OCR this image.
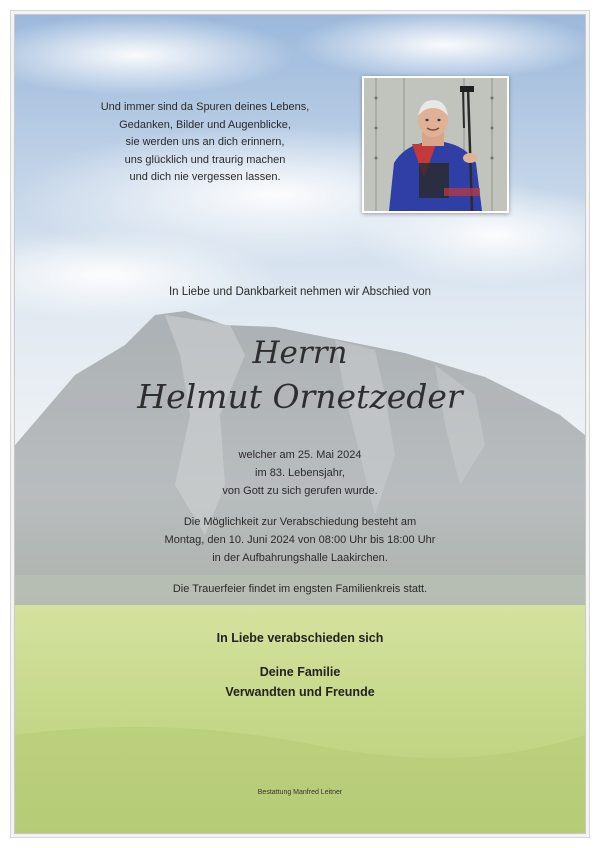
Und immer sind da Spuren deines Lebens,
Gedanken, Bilder und Augenblicke,
sie werden uns an dich erinnern,
uns glücklich und traurig machen
und dich nie vergessen lassen.

In Liebe und Dankbarkeit nehmen wir Abschied von

Herrn
Helmut Ornetzeder

welcher am 25. Mai 2024
im 83. Lebensjahr,
von Gott zu sich gerufen wurde.

Die Möglichkeit zur Verabschiedung besteht am
Montag, den 10. Juni 2024 von 08:00 Uhr bis 18:00 Uhr
in der Aufbahrungshalle Laakirchen.

Die Trauerfeier findet im engsten Familienkreis statt.

In Liebe verabschieden sich

Deine Familie
Verwandten und Freunde

Bestattung Manfred Leitner
